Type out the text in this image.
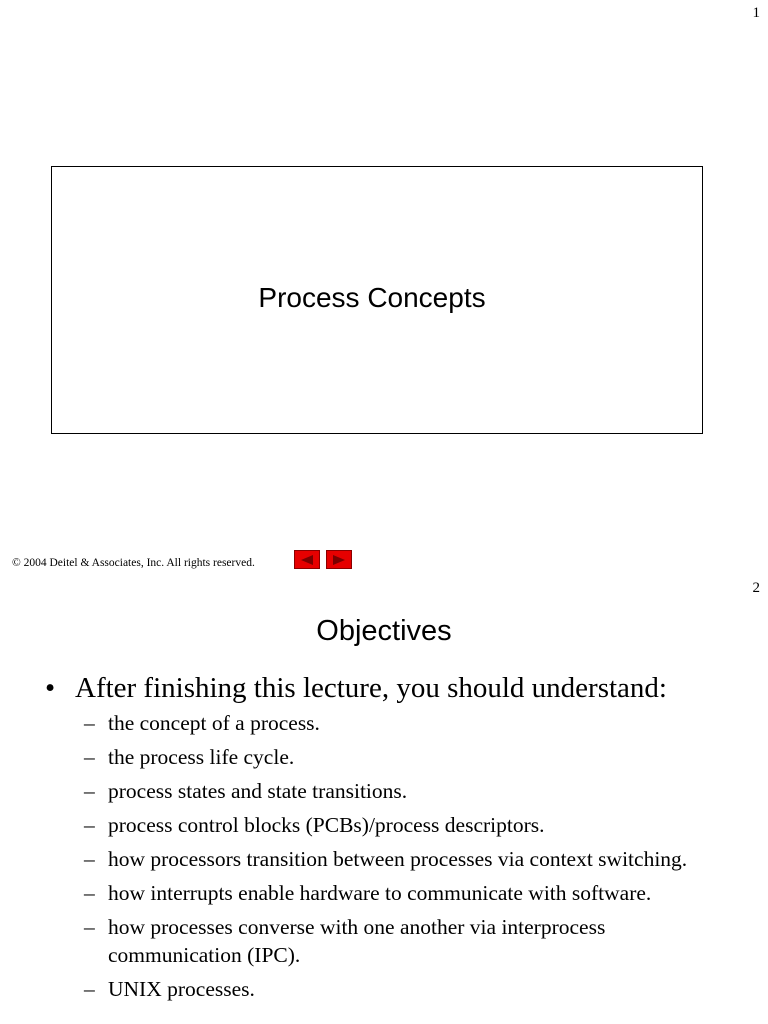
1
Process Concepts
© 2004 Deitel & Associates, Inc. All rights reserved.
2
Objectives
• After finishing this lecture, you should understand:
– the concept of a process.
– the process life cycle.
– process states and state transitions.
– process control blocks (PCBs)/process descriptors.
– how processors transition between processes via context switching.
– how interrupts enable hardware to communicate with software.
– how processes converse with one another via interprocess communication (IPC).
– UNIX processes.
